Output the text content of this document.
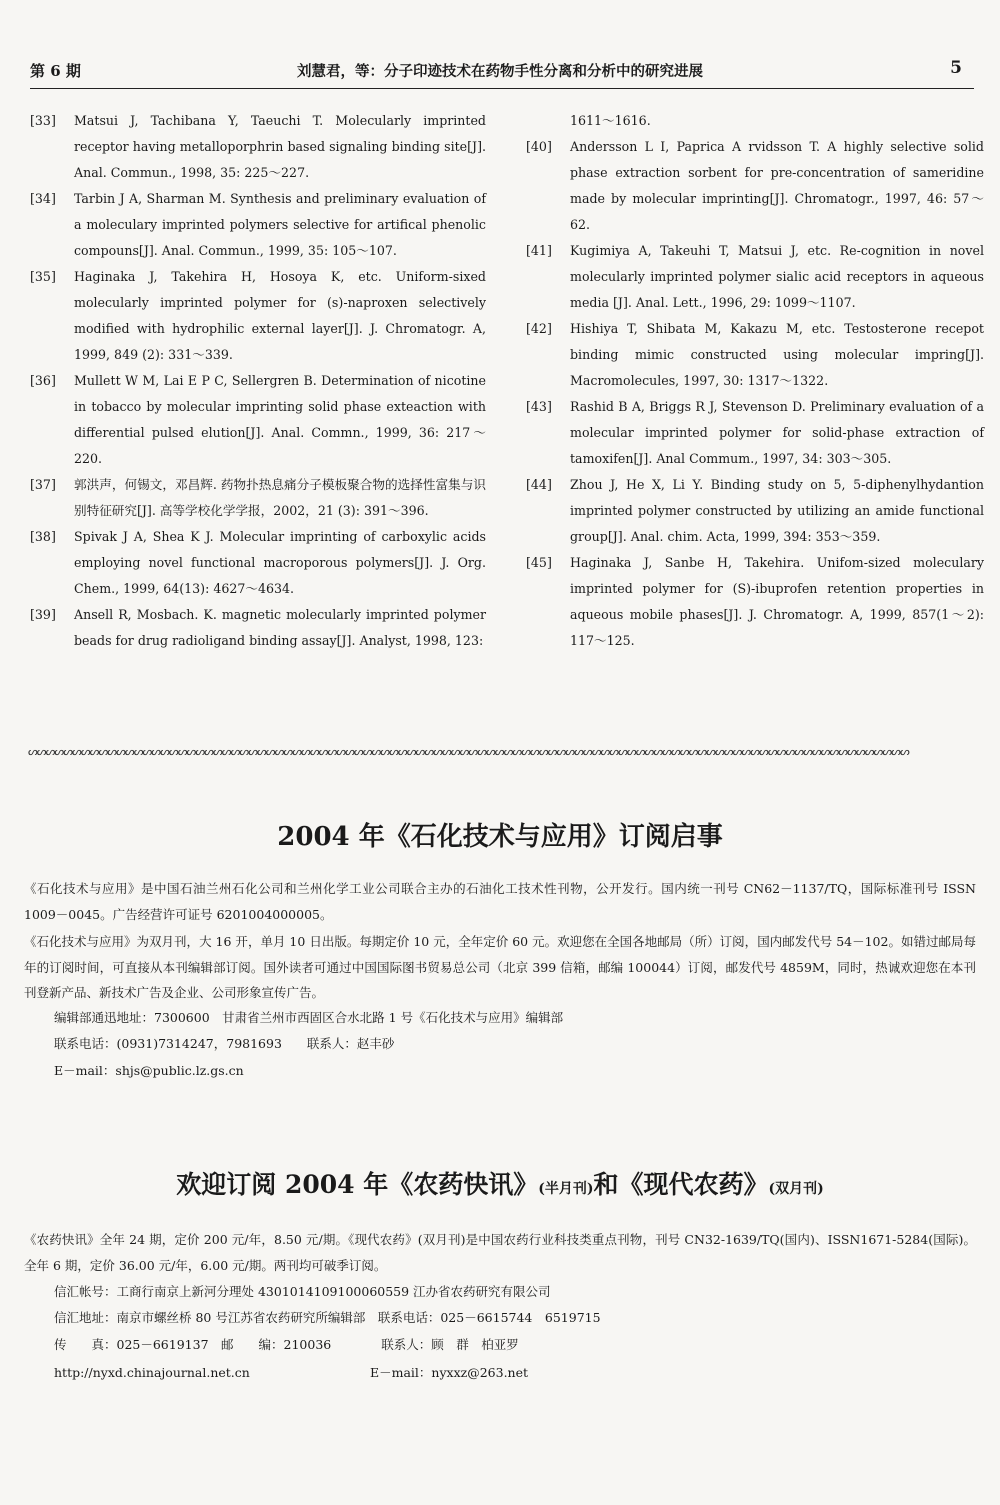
第 6 期	刘慧君，等：分子印迹技术在药物手性分离和分析中的研究进展	5
[33] Matsui J, Tachibana Y, Taeuchi T. Molecularly imprinted receptor having metalloporphrin based signaling binding site[J]. Anal. Commun., 1998, 35: 225～227.
[34] Tarbin J A, Sharman M. Synthesis and preliminary evaluation of a moleculary imprinted polymers selective for artifical phenolic compouns[J]. Anal. Commun., 1999, 35: 105～107.
[35] Haginaka J, Takehira H, Hosoya K, etc. Uniform-sixed molecularly imprinted polymer for (s)-naproxen selectively modified with hydrophilic external layer[J]. J. Chromatogr. A, 1999, 849 (2): 331～339.
[36] Mullett W M, Lai E P C, Sellergren B. Determination of nicotine in tobacco by molecular imprinting solid phase exteaction with differential pulsed elution[J]. Anal. Commn., 1999, 36: 217～220.
[37] 郭洪声，何锡文，邓昌辉. 药物扑热息痛分子模板聚合物的选择性富集与识别特征研究[J]. 高等学校化学学报，2002，21 (3): 391～396.
[38] Spivak J A, Shea K J. Molecular imprinting of carboxylic acids employing novel functional macroporous polymers[J]. J. Org. Chem., 1999, 64(13): 4627～4634.
[39] Ansell R, Mosbach. K. magnetic molecularly imprinted polymer beads for drug radioligand binding assay[J]. Analyst, 1998, 123:
1611～1616.
[40] Andersson L I, Paprica A rvidsson T. A highly selective solid phase extraction sorbent for pre-concentration of sameridine made by molecular imprinting[J]. Chromatogr., 1997, 46: 57～62.
[41] Kugimiya A, Takeuhi T, Matsui J, etc. Re-cognition in novel molecularly imprinted polymer sialic acid receptors in aqueous media [J]. Anal. Lett., 1996, 29: 1099～1107.
[42] Hishiya T, Shibata M, Kakazu M, etc. Testosterone recepot binding mimic constructed using molecular impring[J]. Macromolecules, 1997, 30: 1317～1322.
[43] Rashid B A, Briggs R J, Stevenson D. Preliminary evaluation of a molecular imprinted polymer for solid-phase extraction of tamoxifen[J]. Anal Commum., 1997, 34: 303～305.
[44] Zhou J, He X, Li Y. Binding study on 5, 5-diphenylhydantion imprinted polymer constructed by utilizing an amide functional group[J]. Anal. chim. Acta, 1999, 394: 353～359.
[45] Haginaka J, Sanbe H, Takehira. Unifom-sized moleculary imprinted polymer for (S)-ibuprofen retention properties in aqueous mobile phases[J]. J. Chromatogr. A, 1999, 857(1～2): 117～125.
ᔕᔕᔕᔕᔕᔕᔕᔕᔕᔕᔕᔕᔕᔕᔕᔕᔕᔕᔕᔕᔕᔕᔕᔕᔕᔕᔕᔕᔕᔕᔕᔕᔕᔕᔕᔕᔕᔕᔕᔕᔕᔕᔕᔕᔕᔕᔕᔕᔕᔕᔕᔕᔕᔕᔕᔕᔕᔕᔕᔕᔕᔕᔕᔕᔕᔕᔕᔕᔕᔕᔕᔕᔕᔕᔕᔕᔕᔕᔕᔕᔕᔕᔕᔕᔕᔕᔕᔕᔕᔕᔕᔕᔕᔕᔕᔕᔕᔕᔕᔕ
2004 年《石化技术与应用》订阅启事
《石化技术与应用》是中国石油兰州石化公司和兰州化学工业公司联合主办的石油化工技术性刊物，公开发行。国内统一刊号 CN62－1137/TQ，国际标准刊号 ISSN 1009－0045。广告经营许可证号 6201004000005。
《石化技术与应用》为双月刊，大 16 开，单月 10 日出版。每期定价 10 元，全年定价 60 元。欢迎您在全国各地邮局（所）订阅，国内邮发代号 54－102。如错过邮局每年的订阅时间，可直接从本刊编辑部订阅。国外读者可通过中国国际图书贸易总公司（北京 399 信箱，邮编 100044）订阅，邮发代号 4859M，同时，热诚欢迎您在本刊刊登新产品、新技术广告及企业、公司形象宣传广告。
编辑部通迅地址：7300600　甘肃省兰州市西固区合水北路 1 号《石化技术与应用》编辑部
联系电话：(0931)7314247，7981693　　联系人：赵丰砂
E－mail：shjs@public.lz.gs.cn
欢迎订阅 2004 年《农药快讯》(半月刊)和《现代农药》(双月刊)
《农药快讯》全年 24 期，定价 200 元/年，8.50 元/期。《现代农药》(双月刊)是中国农药行业科技类重点刊物，刊号 CN32-1639/TQ(国内)、ISSN1671-5284(国际)。全年 6 期，定价 36.00 元/年，6.00 元/期。两刊均可破季订阅。
信汇帐号：工商行南京上新河分理处 4301014109100060559 江办省农药研究有限公司
信汇地址：南京市螺丝桥 80 号江苏省农药研究所编辑部　联系电话：025－6615744　6519715
传　　真：025－6619137　邮　　编：210036　　　　联系人：顾　群　柏亚罗
http://nyxd.chinajournal.net.cn	E－mail：nyxxz@263.net
